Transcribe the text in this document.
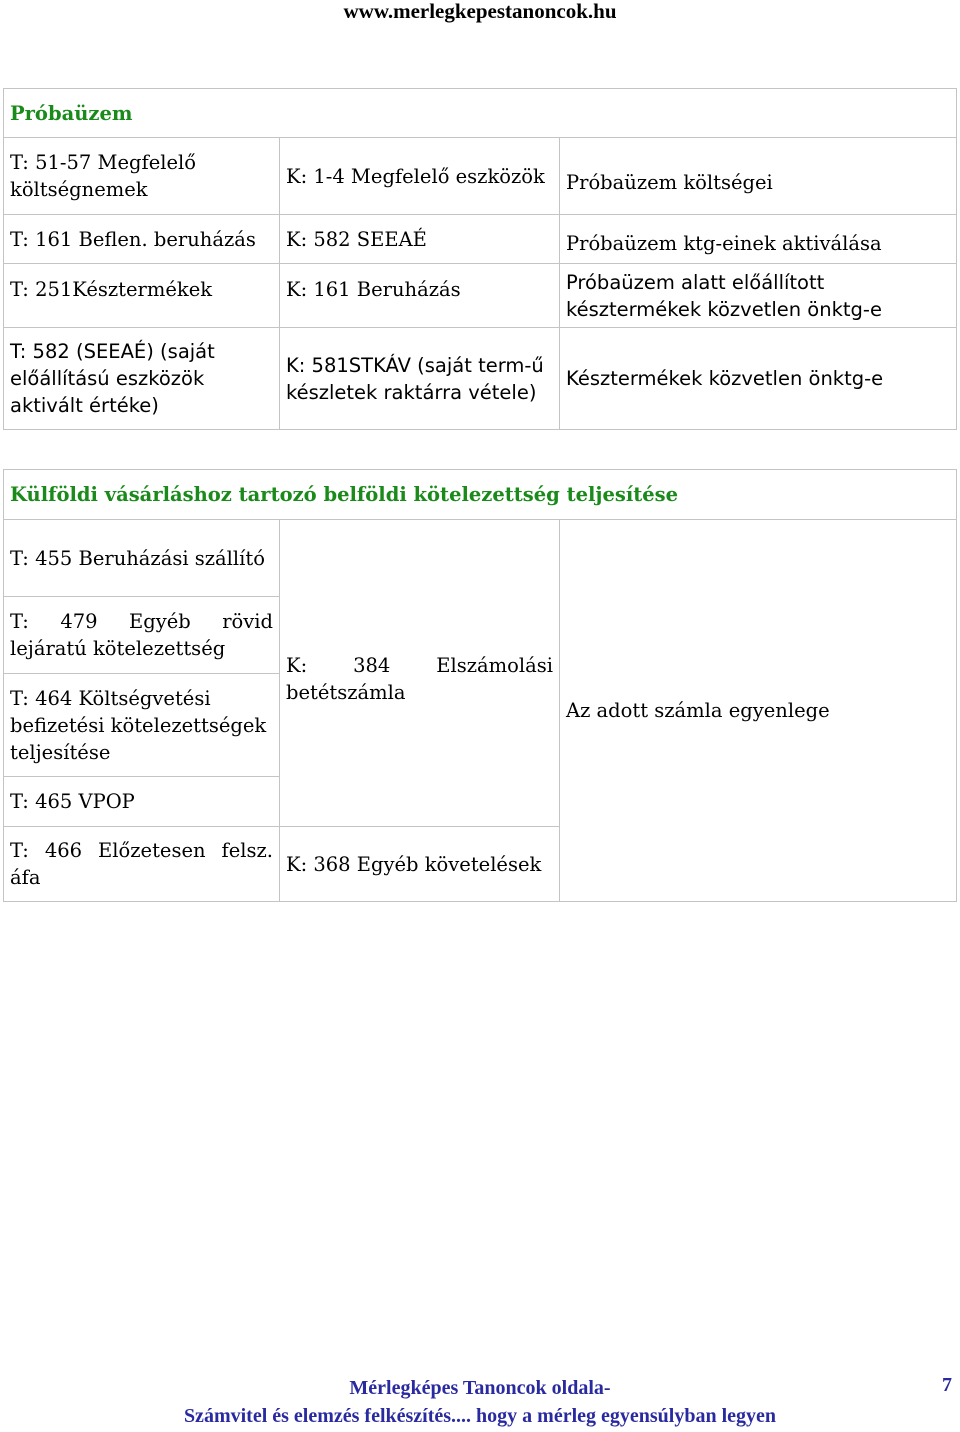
www.merlegkepestanoncok.hu
Próbaüzem		
T: 51-57 Megfelelő költségnemek	K: 1-4 Megfelelő eszközök	Próbaüzem költségei
T: 161 Beflen. beruházás	K: 582 SEEAÉ	Próbaüzem ktg-einek aktiválása
T: 251Késztermékek	K: 161 Beruházás	Próbaüzem alatt előállított késztermékek közvetlen önktg-e
T: 582 (SEEAÉ) (saját előállítású eszközök aktivált értéke)	K: 581STKÁV (saját term-ű készletek raktárra vétele)	Késztermékek közvetlen önktg-e
Külföldi vásárláshoz tartozó belföldi kötelezettség teljesítése		

T: 455 Beruházási szállító	K: 384 Elszámolási betétszámla	Az adott számla egyenlege

T: 479 Egyéb rövid lejáratú kötelezettség		

T: 464 Költségvetési befizetési kötelezettségek teljesítése		
T: 465 VPOP		

T: 466 Előzetesen felsz. áfa	K: 368 Egyéb követelések	
Mérlegképes Tanoncok oldala-
Számvitel és elemzés felkészítés.... hogy a mérleg egyensúlyban legyen
7
